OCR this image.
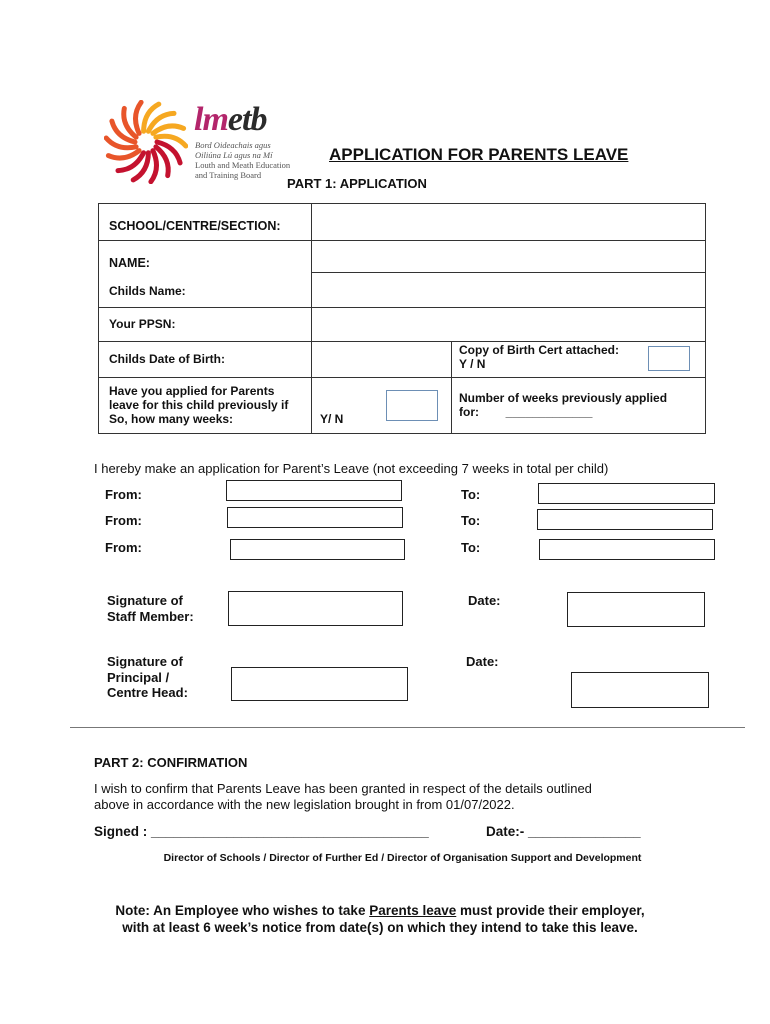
lmetb
Bord Oideachais agus
Oiliúna Lú agus na Mí
Louth and Meath Education
and Training Board
APPLICATION FOR PARENTS LEAVE
PART 1: APPLICATION
SCHOOL/CENTRE/SECTION:
NAME:
Childs Name:
Your PPSN:
Childs Date of Birth:
Copy of Birth Cert attached:
Y / N
Have you applied for Parents
leave for this child previously if
So, how many weeks:	Y/ N
Number of weeks previously applied
for: _____________
I hereby make an application for Parent’s Leave (not exceeding 7 weeks in total per child)
From:	To:
From:	To:
From:	To:
Signature of
Staff Member:
Date:
Signature of
Principal /
Centre Head:
Date:
PART 2: CONFIRMATION
I wish to confirm that Parents Leave has been granted in respect of the details outlined
above in accordance with the new legislation brought in from 01/07/2022.
Signed : _____________________________________	Date:- _______________
Director of Schools / Director of Further Ed / Director of Organisation Support and Development
Note: An Employee who wishes to take Parents leave must provide their employer,
with at least 6 week’s notice from date(s) on which they intend to take this leave.
